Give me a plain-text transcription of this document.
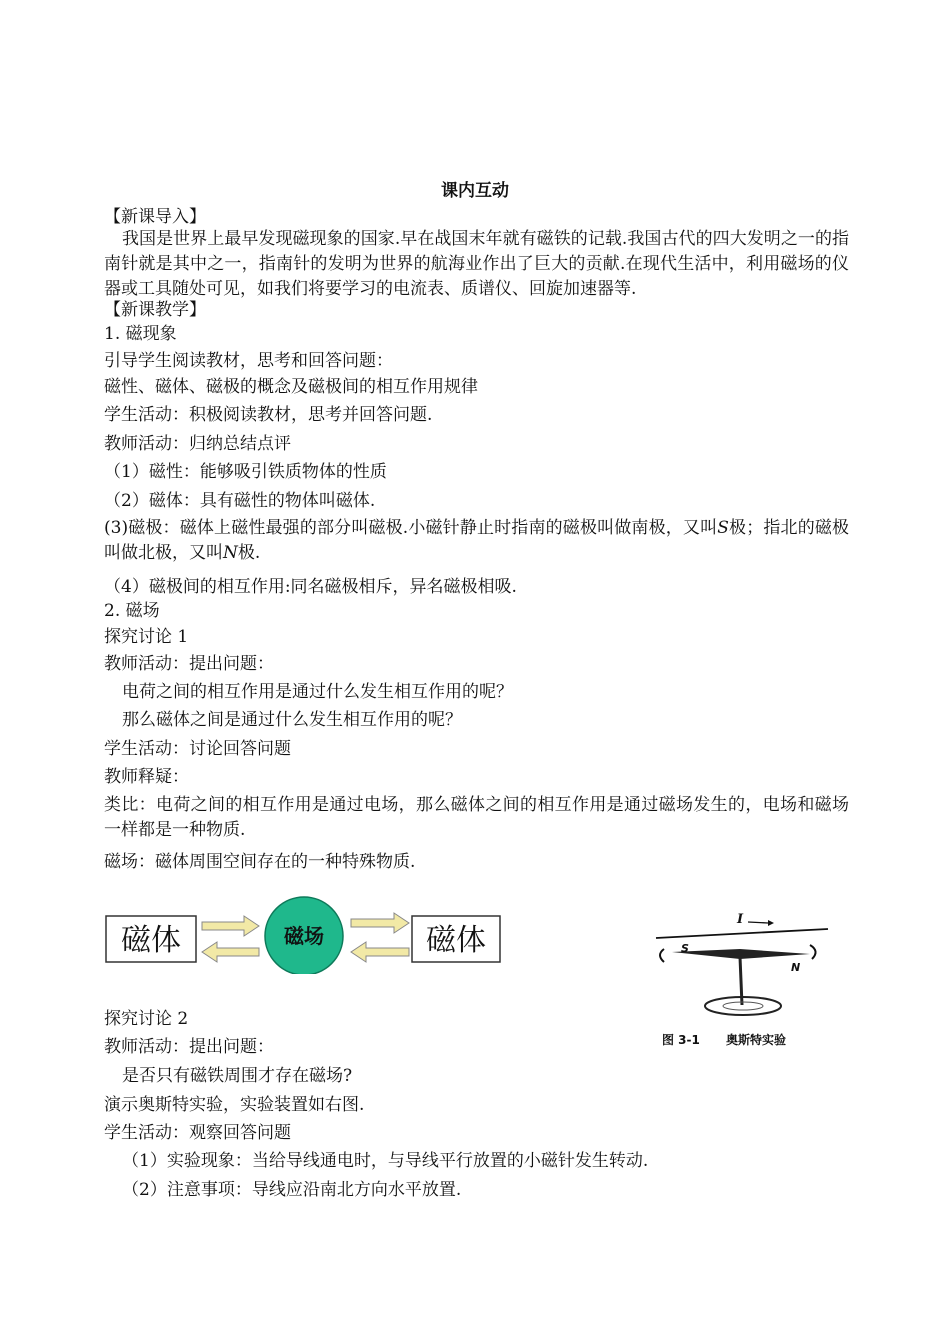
课内互动
【新课导入】
我国是世界上最早发现磁现象的国家.早在战国末年就有磁铁的记载.我国古代的四大发明之一的指南针就是其中之一，指南针的发明为世界的航海业作出了巨大的贡献.在现代生活中，利用磁场的仪器或工具随处可见，如我们将要学习的电流表、质谱仪、回旋加速器等.
【新课教学】
1. 磁现象
引导学生阅读教材，思考和回答问题：
磁性、磁体、磁极的概念及磁极间的相互作用规律
学生活动：积极阅读教材，思考并回答问题.
教师活动：归纳总结点评
（1）磁性：能够吸引铁质物体的性质
（2）磁体：具有磁性的物体叫磁体.
(3)磁极：磁体上磁性最强的部分叫磁极.小磁针静止时指南的磁极叫做南极，又叫S极；指北的磁极叫做北极，又叫N极.
（4）磁极间的相互作用:同名磁极相斥，异名磁极相吸.
2. 磁场
探究讨论 1
教师活动：提出问题：
电荷之间的相互作用是通过什么发生相互作用的呢？
那么磁体之间是通过什么发生相互作用的呢？
学生活动：讨论回答问题
教师释疑：
类比：电荷之间的相互作用是通过电场，那么磁体之间的相互作用是通过磁场发生的，电场和磁场一样都是一种物质.
磁场：磁体周围空间存在的一种特殊物质.
磁体	磁场	磁体
I
S
N
图 3-1 奥斯特实验
探究讨论 2
教师活动：提出问题：
是否只有磁铁周围才存在磁场?
演示奥斯特实验，实验装置如右图.
学生活动：观察回答问题
（1）实验现象：当给导线通电时，与导线平行放置的小磁针发生转动.
（2）注意事项：导线应沿南北方向水平放置.
